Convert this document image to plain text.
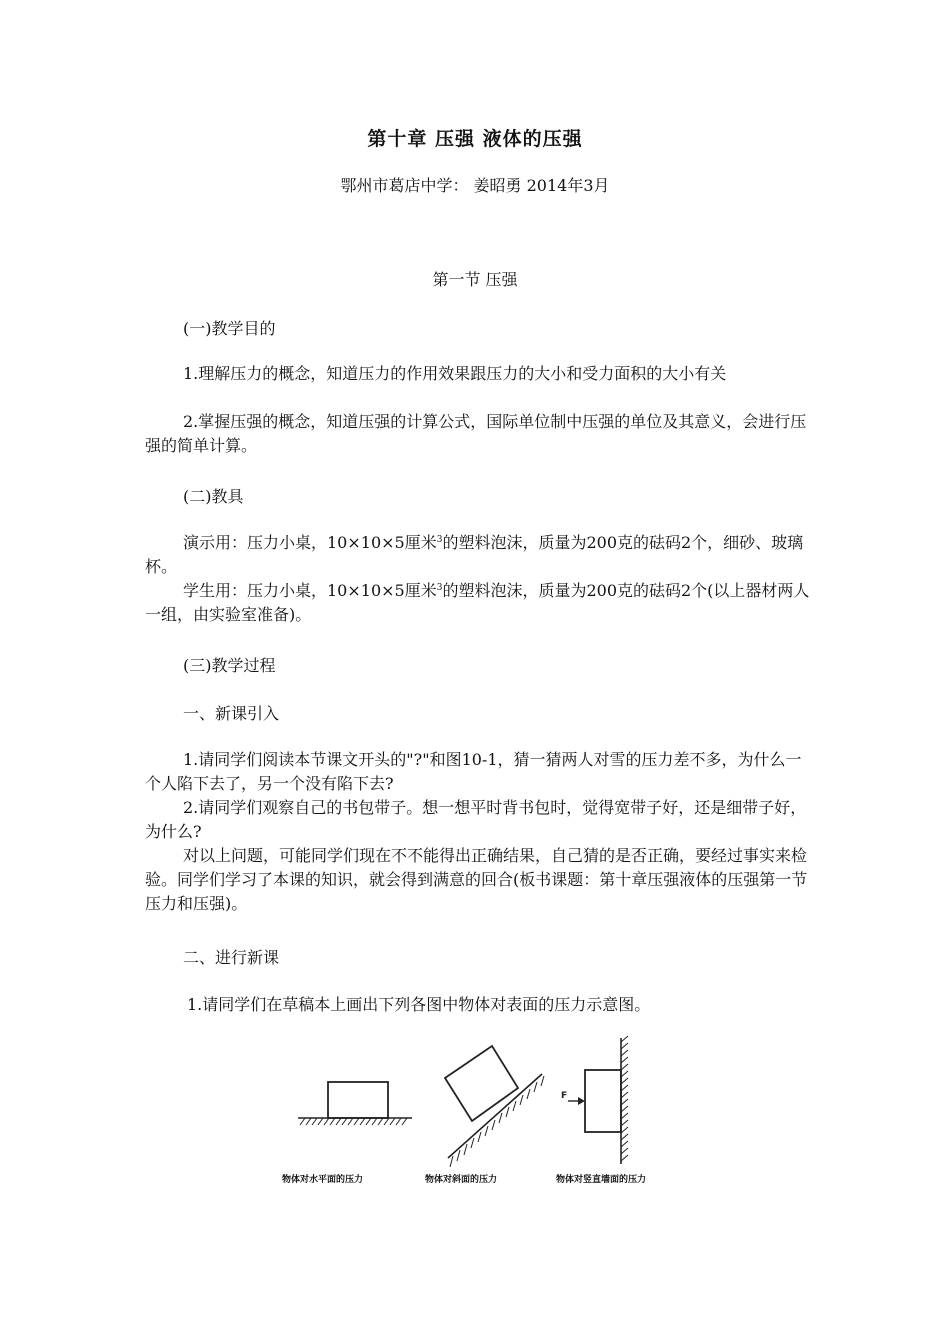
第十章 压强 液体的压强
鄂州市葛店中学： 姜昭勇 2014年3月
第一节 压强
(一)教学目的

1.理解压力的概念，知道压力的作用效果跟压力的大小和受力面积的大小有关

2.掌握压强的概念，知道压强的计算公式，国际单位制中压强的单位及其意义，会进行压强的简单计算。

(二)教具

演示用：压力小桌，10×10×5厘米$^3$的塑料泡沫，质量为200克的砝码2个，细砂、玻璃杯。

学生用：压力小桌，10×10×5厘米$^3$的塑料泡沫，质量为200克的砝码2个(以上器材两人一组，由实验室准备)。

(三)教学过程
一、新课引入

1.请同学们阅读本节课文开头的"?"和图10-1，猜一猜两人对雪的压力差不多，为什么一个人陷下去了，另一个没有陷下去?

2.请同学们观察自己的书包带子。想一想平时背书包时，觉得宽带子好，还是细带子好，为什么?

对以上问题，可能同学们现在不不能得出正确结果，自己猜的是否正确，要经过事实来检验。同学们学习了本课的知识，就会得到满意的回合(板书课题：第十章压强液体的压强第一节压力和压强)。

二、进行新课
1.请同学们在草稿本上画出下列各图中物体对表面的压力示意图。
F
物体对水平面的压力	物体对斜面的压力	物体对竖直墙面的压力
